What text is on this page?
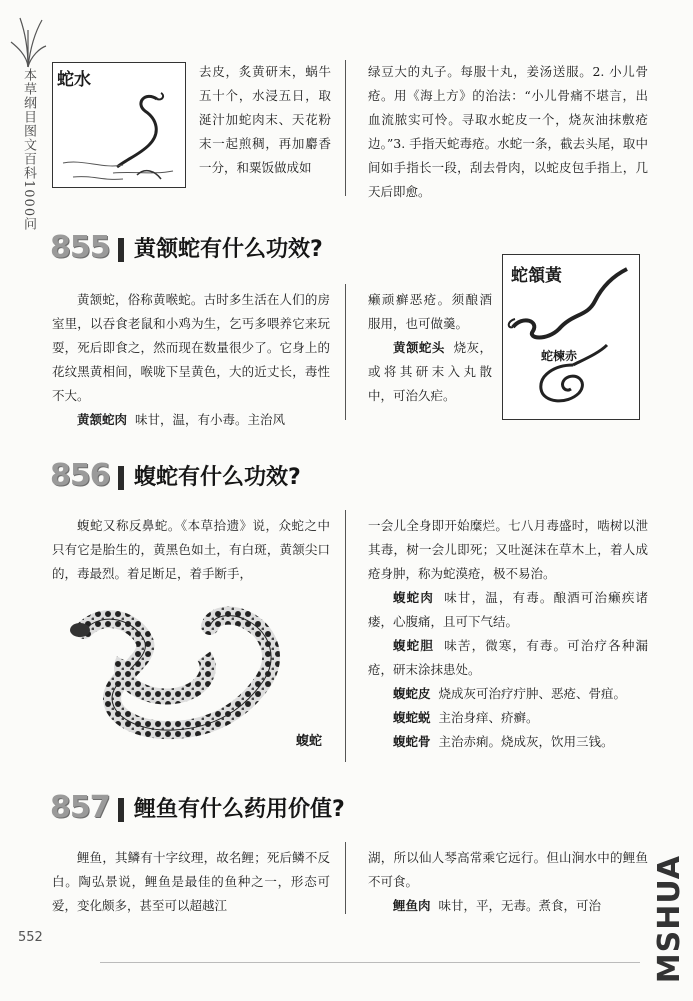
本草纲目图文百科1000问 蛇水	去皮，炙黄研末，蜗牛五十个，水浸五日，取涎汁加蛇肉末、天花粉末一起煎稠，再加麝香一分，和粟饭做成如

绿豆大的丸子。每服十丸，姜汤送服。2. 小儿骨疮。用《海上方》的治法：“小儿骨痛不堪言，出血流脓实可怜。寻取水蛇皮一个，烧灰油抹敷疮边。”3. 手指天蛇毒疮。水蛇一条，截去头尾，取中间如手指长一段，刮去骨肉，以蛇皮包手指上，几天后即愈。

855 黄颔蛇有什么功效?

黄颔蛇，俗称黄喉蛇。古时多生活在人们的房室里，以吞食老鼠和小鸡为生，乞丐多喂养它来玩耍，死后即食之，然而现在数量很少了。它身上的花纹黑黄相间，喉咙下呈黄色，大的近丈长，毒性不大。

黄颔蛇肉 味甘，温，有小毒。主治风

癞顽癣恶疮。须酿酒服用，也可做羹。

黄颔蛇头 烧灰，或将其研末入丸散中，可治久疟。

蛇頷黃
蛇楝赤
856 蝮蛇有什么功效?

蝮蛇又称反鼻蛇。《本草拾遗》说，众蛇之中只有它是胎生的，黄黑色如土，有白斑，黄颔尖口的，毒最烈。着足断足，着手断手，

蝮蛇

一会儿全身即开始糜烂。七八月毒盛时，啮树以泄其毒，树一会儿即死；又吐涎沫在草木上，着人成疮身肿，称为蛇漠疮，极不易治。

蝮蛇肉 味甘，温，有毒。酿酒可治癞疾诸瘘，心腹痛，且可下气结。

蝮蛇胆 味苦，微寒，有毒。可治疗各种漏疮，研末涂抹患处。

蝮蛇皮 烧成灰可治疗疔肿、恶疮、骨疽。

蝮蛇蜕 主治身痒、疥癣。

蝮蛇骨 主治赤痢。烧成灰，饮用三钱。

857 鲤鱼有什么药用价值?

鲤鱼，其鳞有十字纹理，故名鲤；死后鳞不反白。陶弘景说，鲤鱼是最佳的鱼种之一，形态可爱，变化颇多，甚至可以超越江

湖，所以仙人琴高常乘它远行。但山涧水中的鲤鱼不可食。

鲤鱼肉 味甘，平，无毒。煮食，可治

552	MSHUA
